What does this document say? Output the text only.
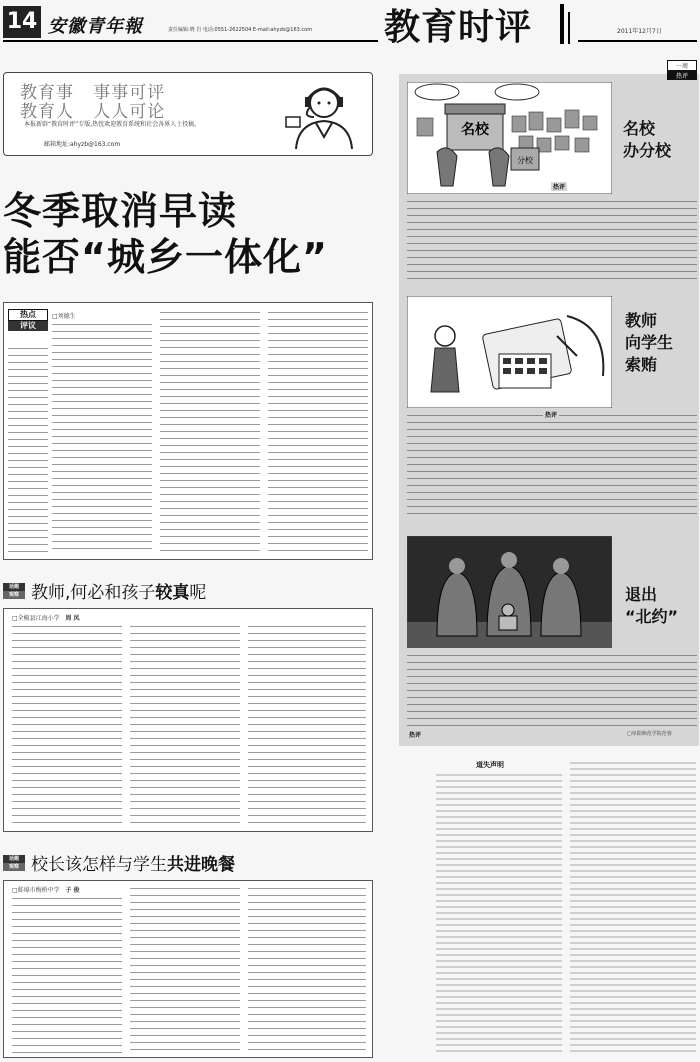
14 安徽青年報	责任编辑:晓 岩 电话:0551-2622504 E-mail:ahyzb@163.com 教育时评	2011年12月7日
教育事 事事可评
教育人 人人可论
本报新辟“教育时评”专版,热忱欢迎教育系统和社会各界人士投稿。
邮箱地址:ahyzb@163.com
冬季取消早读
能否“城乡一体化”
热点
评议
□刘德生
话题
观察 教师,何必和孩子较真呢
□全椒县江海小学 周 凤
话题
观察 校长该怎样与学生共进晚餐
□蚌埠市梅桥中学 子 俊
一周
热评
名校
分校
名校
办分校
热评
教师
向学生
索贿
热评
退出
“北约”
热评	□阜阳师范学院范蓉
道失声明
